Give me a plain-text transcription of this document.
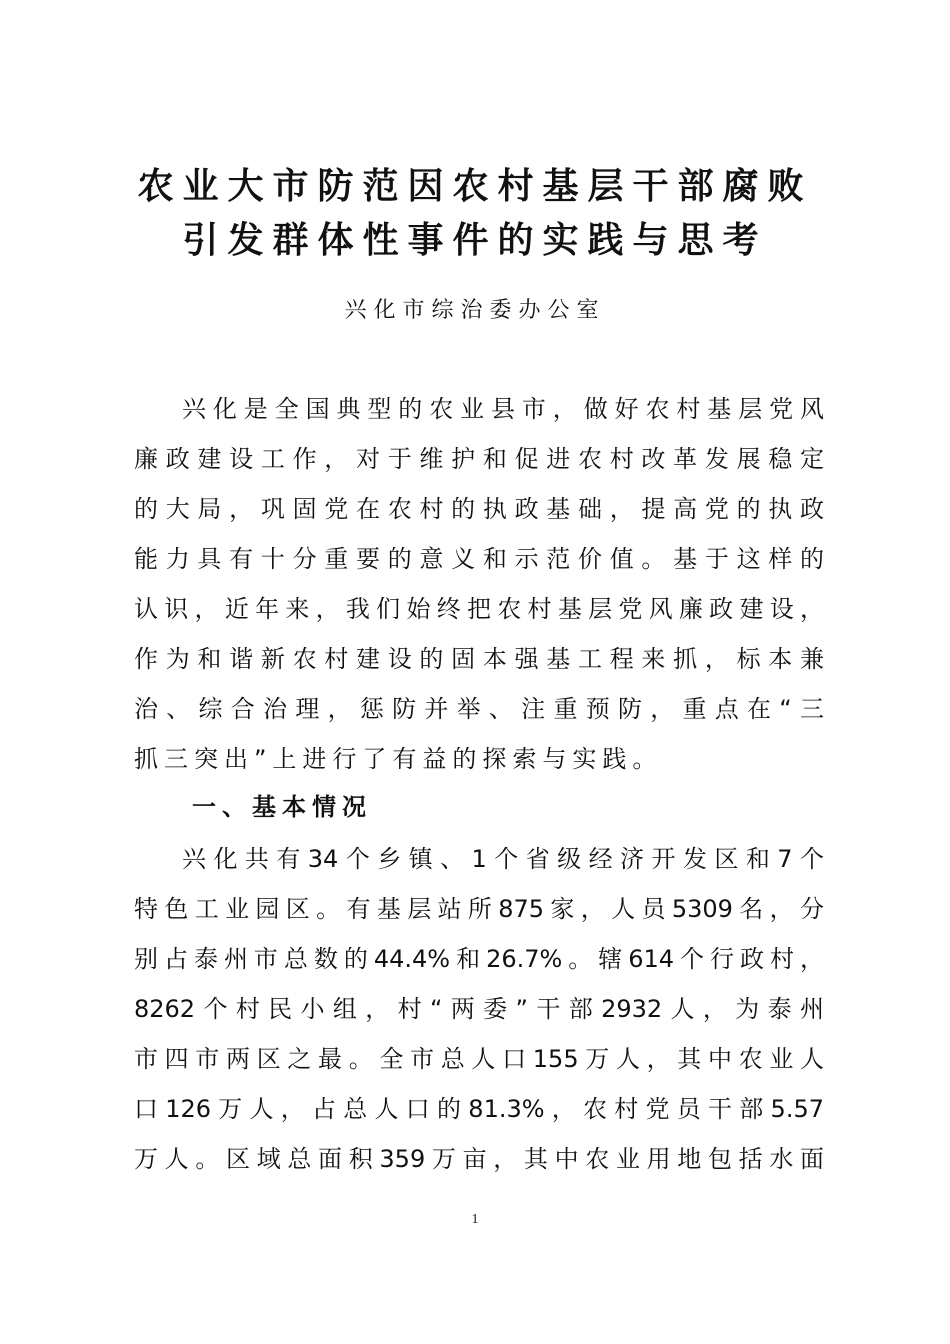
农业大市防范因农村基层干部腐败
引发群体性事件的实践与思考
兴化市综治委办公室
兴化是全国典型的农业县市，做好农村基层党风
廉政建设工作，对于维护和促进农村改革发展稳定
的大局，巩固党在农村的执政基础，提高党的执政
能力具有十分重要的意义和示范价值。基于这样的
认识，近年来，我们始终把农村基层党风廉政建设，
作为和谐新农村建设的固本强基工程来抓，标本兼
治、综合治理，惩防并举、注重预防，重点在“三
抓三突出”上进行了有益的探索与实践。
一、基本情况
兴化共有34个乡镇、1个省级经济开发区和7个
特色工业园区。有基层站所875家，人员5309名，分
别占泰州市总数的44.4%和26.7%。辖614个行政村，
8262个村民小组，村“两委”干部2932人，为泰州
市四市两区之最。全市总人口155万人，其中农业人
口126万人，占总人口的81.3%，农村党员干部5.57
万人。区域总面积359万亩，其中农业用地包括水面
1
